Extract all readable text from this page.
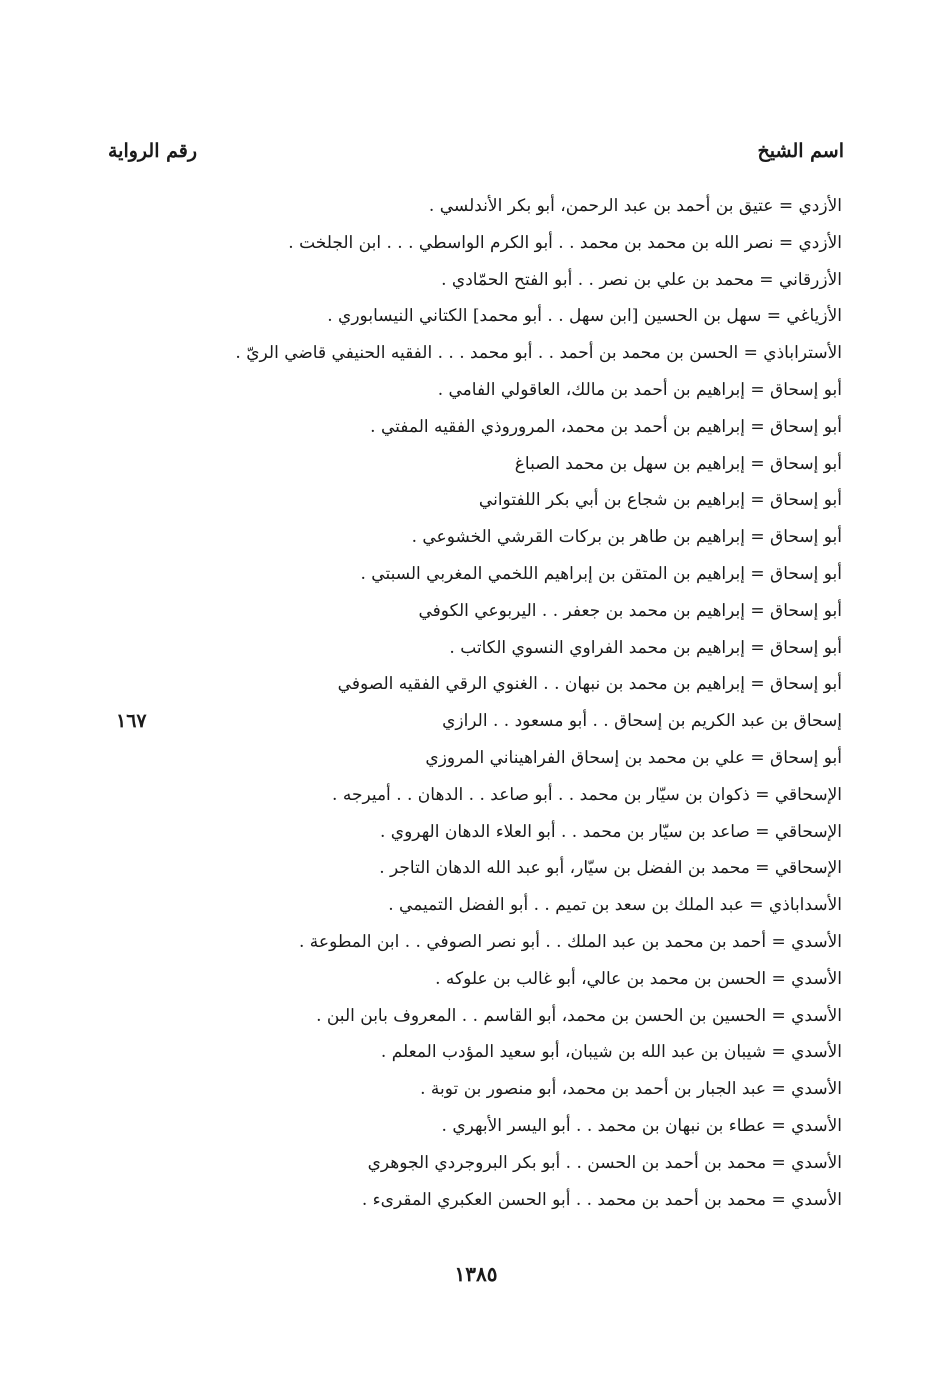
اسم الشيخ
رقم الرواية
الأزدي = عتيق بن أحمد بن عبد الرحمن، أبو بكر الأندلسي .
الأزدي = نصر الله بن محمد بن محمد . . أبو الكرم الواسطي . . . ابن الجلخت .
الأزرقاني = محمد بن علي بن نصر . . أبو الفتح الحمّادي .
الأزياغي = سهل بن الحسين [ابن سهل . . أبو محمد] الكتاني النيسابوري .
الأستراباذي = الحسن بن محمد بن أحمد . . أبو محمد . . . الفقيه الحنيفي قاضي الريّ .
أبو إسحاق = إبراهيم بن أحمد بن مالك، العاقولي الفامي .
أبو إسحاق = إبراهيم بن أحمد بن محمد، المروروذي الفقيه المفتي .
أبو إسحاق = إبراهيم بن سهل بن محمد الصباغ
أبو إسحاق = إبراهيم بن شجاع بن أبي بكر اللفتواني
أبو إسحاق = إبراهيم بن طاهر بن بركات القرشي الخشوعي .
أبو إسحاق = إبراهيم بن المتقن بن إبراهيم اللخمي المغربي السبتي .
أبو إسحاق = إبراهيم بن محمد بن جعفر . . اليربوعي الكوفي
أبو إسحاق = إبراهيم بن محمد الفراوي النسوي الكاتب .
أبو إسحاق = إبراهيم بن محمد بن نبهان . . الغنوي الرقي الفقيه الصوفي
إسحاق بن عبد الكريم بن إسحاق . . أبو مسعود . . الرازي
أبو إسحاق = علي بن محمد بن إسحاق الفراهيناني المروزي
الإسحاقي = ذكوان بن سيّار بن محمد . . أبو صاعد . . الدهان . . أميرجه .
الإسحاقي = صاعد بن سيّار بن محمد . . أبو العلاء الدهان الهروي .
الإسحاقي = محمد بن الفضل بن سيّار، أبو عبد الله الدهان التاجر .
الأسداباذي = عبد الملك بن سعد بن تميم . . أبو الفضل التميمي .
الأسدي = أحمد بن محمد بن عبد الملك . . أبو نصر الصوفي . . ابن المطوعة .
الأسدي = الحسن بن محمد بن عالي، أبو غالب بن علوكه .
الأسدي = الحسين بن الحسن بن محمد، أبو القاسم . . المعروف بابن البن .
الأسدي = شيبان بن عبد الله بن شيبان، أبو سعيد المؤدب المعلم .
الأسدي = عبد الجبار بن أحمد بن محمد، أبو منصور بن توبة .
الأسدي = عطاء بن نبهان بن محمد . . أبو اليسر الأبهري .
الأسدي = محمد بن أحمد بن الحسن . . أبو بكر البروجردي الجوهري
الأسدي = محمد بن أحمد بن محمد . . أبو الحسن العكبري المقرىء .
١٦٧
١٣٨٥
